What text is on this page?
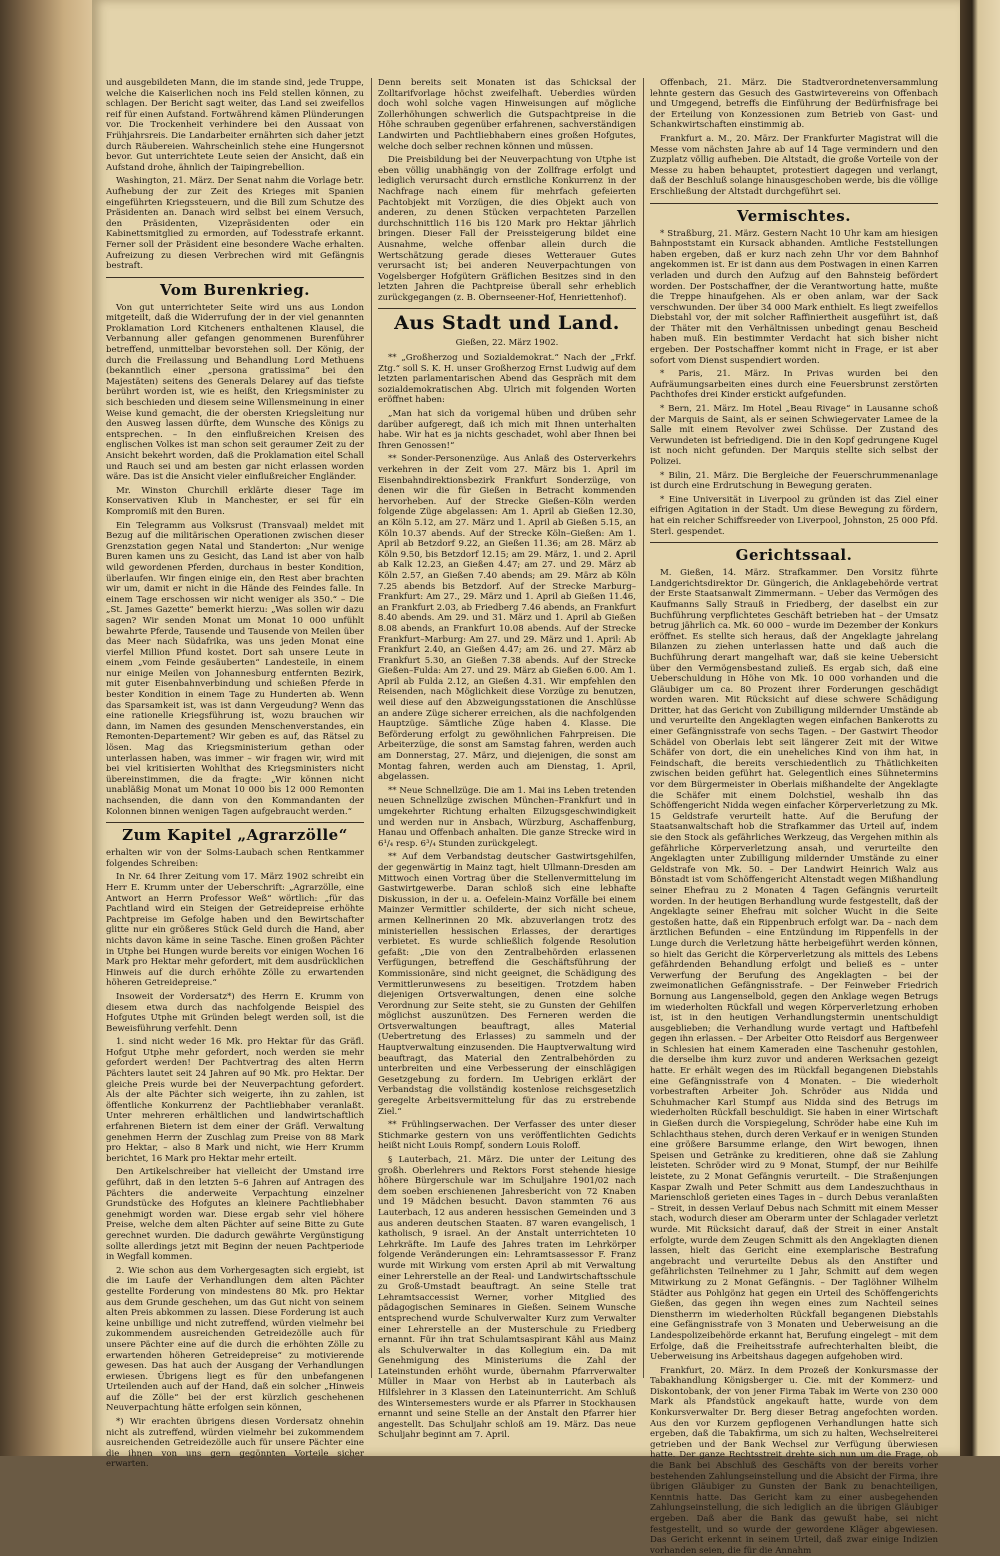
und ausgebildeten Mann, die im stande sind, jede Truppe, welche die Kaiserlichen noch ins Feld stellen können, zu schlagen. Der Bericht sagt weiter, das Land sei zweifellos reif für einen Aufstand. Fortwährend kämen Plünderungen vor. Die Trockenheit verhindere bei den Aussaat von Frühjahrsreis. Die Landarbeiter ernährten sich daher jetzt durch Räubereien. Wahrscheinlich stehe eine Hungersnot bevor. Gut unterrichtete Leute seien der Ansicht, daß ein Aufstand drohe, ähnlich der Taipingrebellion.

Washington, 21. März. Der Senat nahm die Vorlage betr. Aufhebung der zur Zeit des Krieges mit Spanien eingeführten Kriegssteuern, und die Bill zum Schutze des Präsidenten an. Danach wird selbst bei einem Versuch, den Präsidenten, Vizepräsidenten oder ein Kabinettsmitglied zu ermorden, auf Todesstrafe erkannt. Ferner soll der Präsident eine besondere Wache erhalten. Aufreizung zu diesen Verbrechen wird mit Gefängnis bestraft.

Vom Burenkrieg.

Von gut unterrichteter Seite wird uns aus London mitgeteilt, daß die Widerrufung der in der viel genannten Proklamation Lord Kitcheners enthaltenen Klausel, die Verbannung aller gefangen genommenen Burenführer betreffend, unmittelbar bevorstehen soll. Der König, der durch die Freilassung und Behandlung Lord Methuens (bekanntlich einer „persona gratissima“ bei den Majestäten) seitens des Generals Delarey auf das tiefste berührt worden ist, wie es heißt, den Kriegsminister zu sich beschieden und diesem seine Willensmeinung in einer Weise kund gemacht, die der obersten Kriegsleitung nur den Ausweg lassen dürfte, dem Wunsche des Königs zu entsprechen. – In den einflußreichen Kreisen des englischen Volkes ist man schon seit geraumer Zeit zu der Ansicht bekehrt worden, daß die Proklamation eitel Schall und Rauch sei und am besten gar nicht erlassen worden wäre. Das ist die Ansicht vieler einflußreicher Engländer.

Mr. Winston Churchill erklärte dieser Tage im Konservativen Klub in Manchester, er sei für ein Kompromiß mit den Buren.

Ein Telegramm aus Volksrust (Transvaal) meldet mit Bezug auf die militärischen Operationen zwischen dieser Grenzstation gegen Natal und Standerton: „Nur wenige Buren kamen uns zu Gesicht, das Land ist aber von halb wild gewordenen Pferden, durchaus in bester Kondition, überlaufen. Wir fingen einige ein, den Rest aber brachten wir um, damit er nicht in die Hände des Feindes falle. In einem Tage erschossen wir nicht weniger als 350.“ – Die „St. James Gazette“ bemerkt hierzu: „Was sollen wir dazu sagen? Wir senden Monat um Monat 10 000 unfühlt bewahrte Pferde, Tausende und Tausende von Meilen über das Meer nach Südafrika, was uns jeden Monat eine vierfel Million Pfund kostet. Dort sah unsere Leute in einem „vom Feinde gesäuberten“ Landesteile, in einem nur einige Meilen von Johannesburg entfernten Bezirk, mit guter Eisenbahnverbindung und schießen Pferde in bester Kondition in einem Tage zu Hunderten ab. Wenn das Sparsamkeit ist, was ist dann Vergeudung? Wenn das eine rationelle Kriegsführung ist, wozu brauchen wir dann, im Namen des gesunden Menschenverstandes, ein Remonten-Departement? Wir geben es auf, das Rätsel zu lösen. Mag das Kriegsministerium gethan oder unterlassen haben, was immer – wir fragen wir, wird mit bei viel kritisierten Wohlthat des Kriegsministers nicht übereinstimmen, die da fragte: „Wir können nicht unabläßig Monat um Monat 10 000 bis 12 000 Remonten nachsenden, die dann von den Kommandanten der Kolonnen binnen wenigen Tagen aufgebraucht werden.“

Zum Kapitel „Agrarzölle“

erhalten wir von der Solms-Laubach schen Rentkammer folgendes Schreiben:

In Nr. 64 Ihrer Zeitung vom 17. März 1902 schreibt ein Herr E. Krumm unter der Ueberschrift: „Agrarzölle, eine Antwort an Herrn Professor Weß“ wörtlich: „für das Pachtland wird ein Steigen der Getreidepreise erhöhte Pachtpreise im Gefolge haben und den Bewirtschafter glitte nur ein größeres Stück Geld durch die Hand, aber nichts davon käme in seine Tasche. Einen großen Pächter in Utphe bei Hungen wurde bereits vor einigen Wochen 16 Mark pro Hektar mehr gefordert, mit dem ausdrücklichen Hinweis auf die durch erhöhte Zölle zu erwartenden höheren Getreidepreise.“

Insoweit der Vordersatz*) des Herrn E. Krumm von diesem etwa durch das nachfolgende Beispiel des Hofgutes Utphe mit Gründen belegt werden soll, ist die Beweisführung verfehlt. Denn

1. sind nicht weder 16 Mk. pro Hektar für das Gräfl. Hofgut Utphe mehr gefordert, noch werden sie mehr gefordert werden! Der Pachtvertrag des alten Herrn Pächters lautet seit 24 Jahren auf 90 Mk. pro Hektar. Der gleiche Preis wurde bei der Neuverpachtung gefordert. Als der alte Pächter sich weigerte, ihn zu zahlen, ist öffentliche Konkurrenz der Pachtliebhaber veranlaßt. Unter mehreren erhältlichen und landwirtschaftlich erfahrenen Bietern ist dem einer der Gräfl. Verwaltung genehmen Herrn der Zuschlag zum Preise von 88 Mark pro Hektar, – also 8 Mark und nicht, wie Herr Krumm berichtet, 16 Mark pro Hektar mehr erteilt.

Den Artikelschreiber hat vielleicht der Umstand irre geführt, daß in den letzten 5–6 Jahren auf Antragen des Pächters die anderweite Verpachtung einzelner Grundstücke des Hofgutes an kleinere Pachtliebhaber genehmigt worden war. Diese ergab sehr viel höhere Preise, welche dem alten Pächter auf seine Bitte zu Gute gerechnet wurden. Die dadurch gewährte Vergünstigung sollte allerdings jetzt mit Beginn der neuen Pachtperiode in Wegfall kommen.

2. Wie schon aus dem Vorhergesagten sich ergiebt, ist die im Laufe der Verhandlungen dem alten Pächter gestellte Forderung von mindestens 80 Mk. pro Hektar aus dem Grunde geschehen, um das Gut nicht von seinem alten Preis abkommen zu lassen. Diese Forderung ist auch keine unbillige und nicht zutreffend, würden vielmehr bei zukommendem ausreichenden Getreidezölle auch für unsere Pächter eine auf die durch die erhöhten Zölle zu erwartenden höheren Getreidepreise“ zu motivierende gewesen. Das hat auch der Ausgang der Verhandlungen erwiesen. Übrigens liegt es für den unbefangenen Urteilenden auch auf der Hand, daß ein solcher „Hinweis auf die Zölle“ bei der erst kürzlich geschehenen Neuverpachtung hätte erfolgen sein können,

*) Wir erachten übrigens diesen Vordersatz ohnehin nicht als zutreffend, würden vielmehr bei zukommendem ausreichenden Getreidezölle auch für unsere Pächter eine die ihnen von uns gern gegönnten Vorteile sicher erwarten.

Denn bereits seit Monaten ist das Schicksal der Zolltarifvorlage höchst zweifelhaft. Ueberdies würden doch wohl solche vagen Hinweisungen auf mögliche Zollerhöhungen schwerlich die Gutspachtpreise in die Höhe schrauben gegenüber erfahrenen, sachverständigen Landwirten und Pachtliebhabern eines großen Hofgutes, welche doch selber rechnen können und müssen.

Die Preisbildung bei der Neuverpachtung von Utphe ist eben völlig unabhängig von der Zollfrage erfolgt und lediglich verursacht durch ernstliche Konkurrenz in der Nachfrage nach einem für mehrfach gefeierten Pachtobjekt mit Vorzügen, die dies Objekt auch von anderen, zu denen Stücken verpachteten Parzellen durchschnittlich 116 bis 120 Mark pro Hektar jährlich bringen. Dieser Fall der Preissteigerung bildet eine Ausnahme, welche offenbar allein durch die Wertschätzung gerade dieses Wetterauer Gutes verursacht ist; bei anderen Neuverpachtungen von Vogelsberger Hofgütern Gräflichen Besitzes sind in den letzten Jahren die Pachtpreise überall sehr erheblich zurückgegangen (z. B. Obernseener-Hof, Henriettenhof).

Aus Stadt und Land.

Gießen, 22. März 1902.

** „Großherzog und Sozialdemokrat.“ Nach der „Frkf. Ztg.“ soll S. K. H. unser Großherzog Ernst Ludwig auf dem letzten parlamentarischen Abend das Gespräch mit dem sozialdemokratischen Abg. Ulrich mit folgenden Worten eröffnet haben:

„Man hat sich da vorigemal hüben und drüben sehr darüber aufgeregt, daß ich mich mit Ihnen unterhalten habe. Wir hat es ja nichts geschadet, wohl aber Ihnen bei Ihren Genossen!“

** Sonder-Personenzüge. Aus Anlaß des Osterverkehrs verkehren in der Zeit vom 27. März bis 1. April im Eisenbahndirektionsbezirk Frankfurt Sonderzüge, von denen wir die für Gießen in Betracht kommenden hervorheben. Auf der Strecke Gießen–Köln werden folgende Züge abgelassen: Am 1. April ab Gießen 12.30, an Köln 5.12, am 27. März und 1. April ab Gießen 5.15, an Köln 10.37 abends. Auf der Strecke Köln–Gießen: Am 1. April ab Betzdorf 9.22, an Gießen 11.36; am 28. März ab Köln 9.50, bis Betzdorf 12.15; am 29. März, 1. und 2. April ab Kalk 12.23, an Gießen 4.47; am 27. und 29. März ab Köln 2.57, an Gießen 7.40 abends; am 29. März ab Köln 7.25 abends bis Betzdorf. Auf der Strecke Marburg–Frankfurt: Am 27., 29. März und 1. April ab Gießen 11.46, an Frankfurt 2.03, ab Friedberg 7.46 abends, an Frankfurt 8.40 abends. Am 29. und 31. März und 1. April ab Gießen 8.08 abends, an Frankfurt 10.08 abends. Auf der Strecke Frankfurt–Marburg: Am 27. und 29. März und 1. April: Ab Frankfurt 2.40, an Gießen 4.47; am 26. und 27. März ab Frankfurt 5.30, an Gießen 7.38 abends. Auf der Strecke Gießen–Fulda: Am 27. und 29. März ab Gießen 6.00. Am 1. April ab Fulda 2.12, an Gießen 4.31. Wir empfehlen den Reisenden, nach Möglichkeit diese Vorzüge zu benutzen, weil diese auf den Abzweigungsstationen die Anschlüsse an andere Züge sicherer erreichen, als die nachfolgenden Hauptzüge. Sämtliche Züge haben 4. Klasse. Die Beförderung erfolgt zu gewöhnlichen Fahrpreisen. Die Arbeiterzüge, die sonst am Samstag fahren, werden auch am Donnerstag, 27. März, und diejenigen, die sonst am Montag fahren, werden auch am Dienstag, 1. April, abgelassen.

** Neue Schnellzüge. Die am 1. Mai ins Leben tretenden neuen Schnellzüge zwischen München–Frankfurt und in umgekehrter Richtung erhalten Eilzugsgeschwindigkeit und werden nur in Ansbach, Würzburg, Aschaffenburg, Hanau und Offenbach anhalten. Die ganze Strecke wird in 6¹/₄ resp. 6³/₄ Stunden zurückgelegt.

** Auf dem Verbandstag deutscher Gastwirtsgehilfen, der gegenwärtig in Mainz tagt, hielt Ullmann-Dresden am Mittwoch einen Vortrag über die Stellenvermittelung im Gastwirtgewerbe. Daran schloß sich eine lebhafte Diskussion, in der u. a. Oefelein-Mainz Vorfälle bei einem Mainzer Vermittler schilderte, der sich nicht scheue, armen Kellnerinnen 20 Mk. abzuverlangen trotz des ministeriellen hessischen Erlasses, der derartiges verbietet. Es wurde schließlich folgende Resolution gefaßt: „Die von den Zentralbehörden erlassenen Verfügungen, betreffend die Geschäftsführung der Kommissionäre, sind nicht geeignet, die Schädigung des Vermittlerunwesens zu beseitigen. Trotzdem haben diejenigen Ortsverwaltungen, denen eine solche Verordnung zur Seite steht, sie zu Gunsten der Gehilfen möglichst auszunützen. Des Ferneren werden die Ortsverwaltungen beauftragt, alles Material (Uebertretung des Erlasses) zu sammeln und der Hauptverwaltung einzusenden. Die Hauptverwaltung wird beauftragt, das Material den Zentralbehörden zu unterbreiten und eine Verbesserung der einschlägigen Gesetzgebung zu fordern. Im Uebrigen erklärt der Verbandstag die vollständig kostenlose reichsgesetzlich geregelte Arbeitsvermittelung für das zu erstrebende Ziel.“

** Frühlingserwachen. Der Verfasser des unter dieser Stichmarke gestern von uns veröffentlichten Gedichts heißt nicht Louis Rompf, sondern Louis Roloff.

§ Lauterbach, 21. März. Die unter der Leitung des großh. Oberlehrers und Rektors Forst stehende hiesige höhere Bürgerschule war im Schuljahre 1901/02 nach dem soeben erschienenen Jahresbericht von 72 Knaben und 19 Mädchen besucht. Davon stammten 76 aus Lauterbach, 12 aus anderen hessischen Gemeinden und 3 aus anderen deutschen Staaten. 87 waren evangelisch, 1 katholisch, 9 israel. An der Anstalt unterrichteten 10 Lehrkräfte. Im Laufe des Jahres traten im Lehrkörper folgende Veränderungen ein: Lehramtsassessor F. Franz wurde mit Wirkung vom ersten April ab mit Verwaltung einer Lehrerstelle an der Real- und Landwirtschaftsschule zu Groß-Umstadt beauftragt. An seine Stelle trat Lehramtsaccessist Werner, vorher Mitglied des pädagogischen Seminares in Gießen. Seinem Wunsche entsprechend wurde Schulverwalter Kurz zum Verwalter einer Lehrerstelle an der Musterschule zu Friedberg ernannt. Für ihn trat Schulamtsaspirant Kähl aus Mainz als Schulverwalter in das Kollegium ein. Da mit Genehmigung des Ministeriums die Zahl der Lateinstunden erhöht wurde, übernahm Pfarrverwalter Müller in Maar von Herbst ab in Lauterbach als Hilfslehrer in 3 Klassen den Lateinunterricht. Am Schluß des Wintersemesters wurde er als Pfarrer in Stockhausen ernannt und seine Stelle an der Anstalt den Pfarrer hier angestellt. Das Schuljahr schloß am 19. März. Das neue Schuljahr beginnt am 7. April.

Offenbach, 21. März. Die Stadtverordnetenversammlung lehnte gestern das Gesuch des Gastwirtevereins von Offenbach und Umgegend, betreffs die Einführung der Bedürfnisfrage bei der Erteilung von Konzessionen zum Betrieb von Gast- und Schankwirtschaften einstimmig ab.

Frankfurt a. M., 20. März. Der Frankfurter Magistrat will die Messe vom nächsten Jahre ab auf 14 Tage vermindern und den Zuzplatz völlig aufheben. Die Altstadt, die große Vorteile von der Messe zu haben behauptet, protestiert dagegen und verlangt, daß der Beschluß solange hinausgeschoben werde, bis die völlige Erschließung der Altstadt durchgeführt sei.

Vermischtes.

* Straßburg, 21. März. Gestern Nacht 10 Uhr kam am hiesigen Bahnpoststamt ein Kursack abhanden. Amtliche Feststellungen haben ergeben, daß er kurz nach zehn Uhr vor dem Bahnhof angekommen ist. Er ist dann aus dem Postwagen in einen Karren verladen und durch den Aufzug auf den Bahnsteig befördert worden. Der Postschaffner, der die Verantwortung hatte, mußte die Treppe hinaufgehen. Als er oben anlam, war der Sack verschwunden. Der über 34 000 Mark enthielt. Es liegt zweifellos Diebstahl vor, der mit solcher Raffiniertheit ausgeführt ist, daß der Thäter mit den Verhältnissen unbedingt genau Bescheid haben muß. Ein bestimmter Verdacht hat sich bisher nicht ergeben. Der Postschaffner kommt nicht in Frage, er ist aber sofort vom Dienst suspendiert worden.

* Paris, 21. März. In Privas wurden bei den Aufräumungsarbeiten eines durch eine Feuersbrunst zerstörten Pachthofes drei Kinder erstickt aufgefunden.

* Bern, 21. März. Im Hotel „Beau Rivage“ in Lausanne schoß der Marquis de Saint, als er seinen Schwiegervater Lamee de la Salle mit einem Revolver zwei Schüsse. Der Zustand des Verwundeten ist befriedigend. Die in den Kopf gedrungene Kugel ist noch nicht gefunden. Der Marquis stellte sich selbst der Polizei.

* Bilin, 21. März. Die Bergleiche der Feuerschrummenanlage ist durch eine Erdrutschung in Bewegung geraten.

* Eine Universität in Liverpool zu gründen ist das Ziel einer eifrigen Agitation in der Stadt. Um diese Bewegung zu fördern, hat ein reicher Schiffsreeder von Liverpool, Johnston, 25 000 Pfd. Sterl. gespendet.

Gerichtssaal.

M. Gießen, 14. März. Strafkammer. Den Vorsitz führte Landgerichtsdirektor Dr. Güngerich, die Anklagebehörde vertrat der Erste Staatsanwalt Zimmermann. – Ueber das Vermögen des Kaufmanns Sally Strauß in Friedberg, der daselbst ein zur Buchführung verpflichtetes Geschäft betrieben hat – der Umsatz betrug jährlich ca. Mk. 60 000 – wurde im Dezember der Konkurs eröffnet. Es stellte sich heraus, daß der Angeklagte jahrelang Bilanzen zu ziehen unterlassen hatte und daß auch die Buchführung derart mangelhaft war, daß sie keine Uebersicht über den Vermögensbestand zuließ. Es ergab sich, daß eine Ueberschuldung in Höhe von Mk. 10 000 vorhanden und die Gläubiger um ca. 80 Prozent ihrer Forderungen geschädigt worden waren. Mit Rücksicht auf diese schwere Schädigung Dritter, hat das Gericht von Zubilligung mildernder Umstände ab und verurteilte den Angeklagten wegen einfachen Bankerotts zu einer Gefängnisstrafe von sechs Tagen. – Der Gastwirt Theodor Schädel von Oberlais lebt seit längerer Zeit mit der Witwe Schäfer von dort, die ein uneheliches Kind von ihm hat, in Feindschaft, die bereits verschiedentlich zu Thätlichkeiten zwischen beiden geführt hat. Gelegentlich eines Sühnetermins vor dem Bürgermeister in Oberlais mißhandelte der Angeklagte die Schäfer mit einem Dolchstiel, weshalb ihn das Schöffengericht Nidda wegen einfacher Körperverletzung zu Mk. 15 Geldstrafe verurteilt hatte. Auf die Berufung der Staatsanwaltschaft hob die Strafkammer das Urteil auf, indem sie den Stock als gefährliches Werkzeug, das Vergehen mithin als gefährliche Körperverletzung ansah, und verurteilte den Angeklagten unter Zubilligung mildernder Umstände zu einer Geldstrafe von Mk. 50. – Der Landwirt Heinrich Walz aus Bönstadt ist vom Schöffengericht Altenstadt wegen Mißhandlung seiner Ehefrau zu 2 Monaten 4 Tagen Gefängnis verurteilt worden. In der heutigen Berhandlung wurde festgestellt, daß der Angeklagte seiner Ehefrau mit solcher Wucht in die Seite gestoßen hatte, daß ein Rippenbruch erfolgt war. Da – nach dem ärztlichen Befunden – eine Entzündung im Rippenfells in der Lunge durch die Verletzung hätte herbeigeführt werden können, so hielt das Gericht die Körperverletzung als mittels des Lebens gefährdenden Behandlung erfolgt und beließ es – unter Verwerfung der Berufung des Angeklagten – bei der zweimonatlichen Gefängnisstrafe. – Der Feinweber Friedrich Bornung aus Langenselbold, gegen den Anklage wegen Betrugs im wiederholten Rückfall und wegen Körperverletzung erhoben ist, ist in den heutigen Verhandlungstermin unentschuldigt ausgeblieben; die Verhandlung wurde vertagt und Haftbefehl gegen ihn erlassen. – Der Arbeiter Otto Reisdorf aus Bergenweer in Schlesien hat einem Kameraden eine Taschenuhr gestohlen, die derselbe ihm kurz zuvor und anderen Werksachen gezeigt hatte. Er erhält wegen des im Rückfall begangenen Diebstahls eine Gefängnisstrafe von 4 Monaten. – Die wiederholt vorbestraften Arbeiter Joh. Schröder aus Nidda und Schuhmacher Karl Stumpf aus Nidda sind des Betrugs im wiederholten Rückfall beschuldigt. Sie haben in einer Wirtschaft in Gießen durch die Vorspiegelung, Schröder habe eine Kuh im Schlachthaus stehen, durch deren Verkauf er in wenigen Stunden eine größere Barsumme erlange, den Wirt bewogen, ihnen Speisen und Getränke zu kreditieren, ohne daß sie Zahlung leisteten. Schröder wird zu 9 Monat, Stumpf, der nur Beihilfe leistete, zu 2 Monat Gefängnis verurteilt. – Die Straßenjungen Kaspar Zwalh und Peter Schmitt aus dem Landeszuchthaus in Marienschloß gerieten eines Tages in – durch Debus veranlaßten – Streit, in dessen Verlauf Debus nach Schmitt mit einem Messer stach, wodurch dieser am Oberarm unter der Schlagader verletzt wurde. Mit Rücksicht darauf, daß der Streit in einer Anstalt erfolgte, wurde dem Zeugen Schmitt als den Angeklagten dienen lassen, hielt das Gericht eine exemplarische Bestrafung angebracht und verurteilte Debus als den Anstifter und gefährlichsten Teilnehmer zu 1 Jahr, Schmitt auf dem wegen Mitwirkung zu 2 Monat Gefängnis. – Der Taglöhner Wilhelm Städter aus Pohlgönz hat gegen ein Urteil des Schöffengerichts Gießen, das gegen ihn wegen eines zum Nachteil seines Dienstherrn im wiederholten Rückfall begangenen Diebstahls eine Gefängnisstrafe von 3 Monaten und Ueberweisung an die Landespolizeibehörde erkannt hat, Berufung eingelegt – mit dem Erfolge, daß die Freiheitsstrafe aufrechterhalten bleibt, die Ueberweisung ins Arbeitshaus dagegen aufgehoben wird.

Frankfurt, 20. März. In dem Prozeß der Konkursmasse der Tabakhandlung Königsberger u. Cie. mit der Kommerz- und Diskontobank, der von jener Firma Tabak im Werte von 230 000 Mark als Pfandstück angekauft hatte, wurde von dem Konkursverwalter Dr. Berg dieser Betrag angefochten worden. Aus den vor Kurzem gepflogenen Verhandlungen hatte sich ergeben, daß die Tabakfirma, um sich zu halten, Wechselreiterei getrieben und der Bank Wechsel zur Verfügung überwiesen hatte. Der ganze Rechtsstreit drehte sich nun um die Frage, ob die Bank bei Abschluß des Geschäfts von der bereits vorher bestehenden Zahlungseinstellung und die Absicht der Firma, ihre übrigen Gläubiger zu Gunsten der Bank zu benachteiligen, Kenntnis hatte. Das Gericht kam zu einer ausbegehenden Zahlungseinstellung, die sich lediglich an die übrigen Gläubiger ergeben. Daß aber die Bank das gewußt habe, sei nicht festgestellt, und so wurde der gewordene Kläger abgewiesen. Das Gericht erkennt in seinem Urteil, daß zwar einige Indizien vorhanden seien, die für die Annahm
